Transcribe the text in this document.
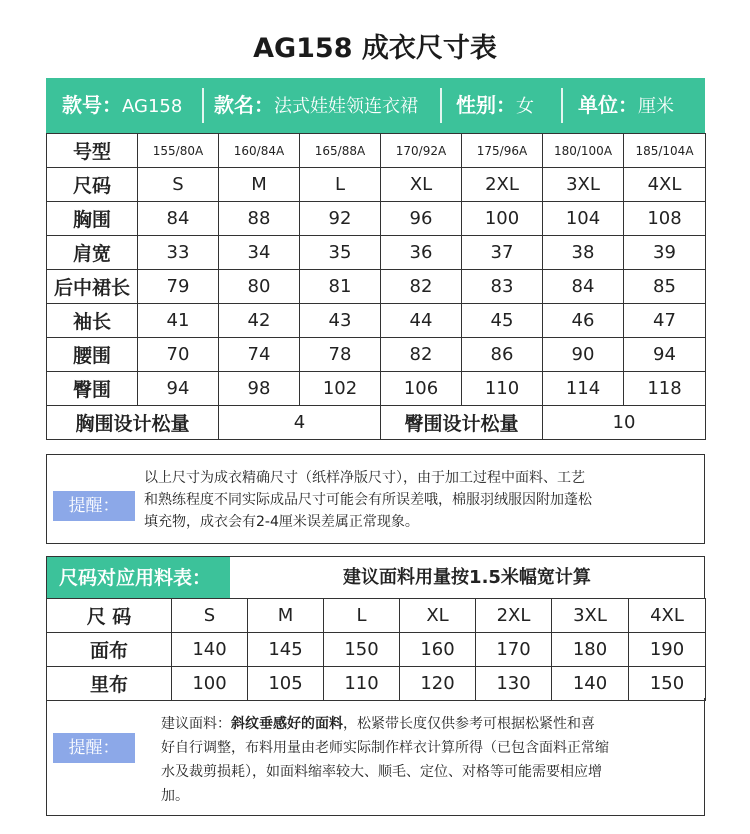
AG158 成衣尺寸表
款号：AG158 款名：法式娃娃领连衣裙 性别：女 单位：厘米
号型	155/80A	160/84A	165/88A	170/92A	175/96A	180/100A	185/104A
尺码	S	M	L	XL	2XL	3XL	4XL
胸围	84	88	92	96	100	104	108
肩宽	33	34	35	36	37	38	39
后中裙长	79	80	81	82	83	84	85
袖长	41	42	43	44	45	46	47
腰围	70	74	78	82	86	90	94
臀围	94	98	102	106	110	114	118
胸围设计松量		4		臀围设计松量		10	
提醒：
以上尺寸为成衣精确尺寸（纸样净版尺寸），由于加工过程中面料、工艺
和熟练程度不同实际成品尺寸可能会有所误差哦，棉服羽绒服因附加蓬松
填充物，成衣会有2-4厘米误差属正常现象。
尺码对应用料表：	建议面料用量按1.5米幅宽计算
尺 码	S	M	L	XL	2XL	3XL	4XL
面布	140	145	150	160	170	180	190
里布	100	105	110	120	130	140	150
提醒：
建议面料：斜纹垂感好的面料，松紧带长度仅供参考可根据松紧性和喜
好自行调整，布料用量由老师实际制作样衣计算所得（已包含面料正常缩
水及裁剪损耗），如面料缩率较大、顺毛、定位、对格等可能需要相应增
加。
